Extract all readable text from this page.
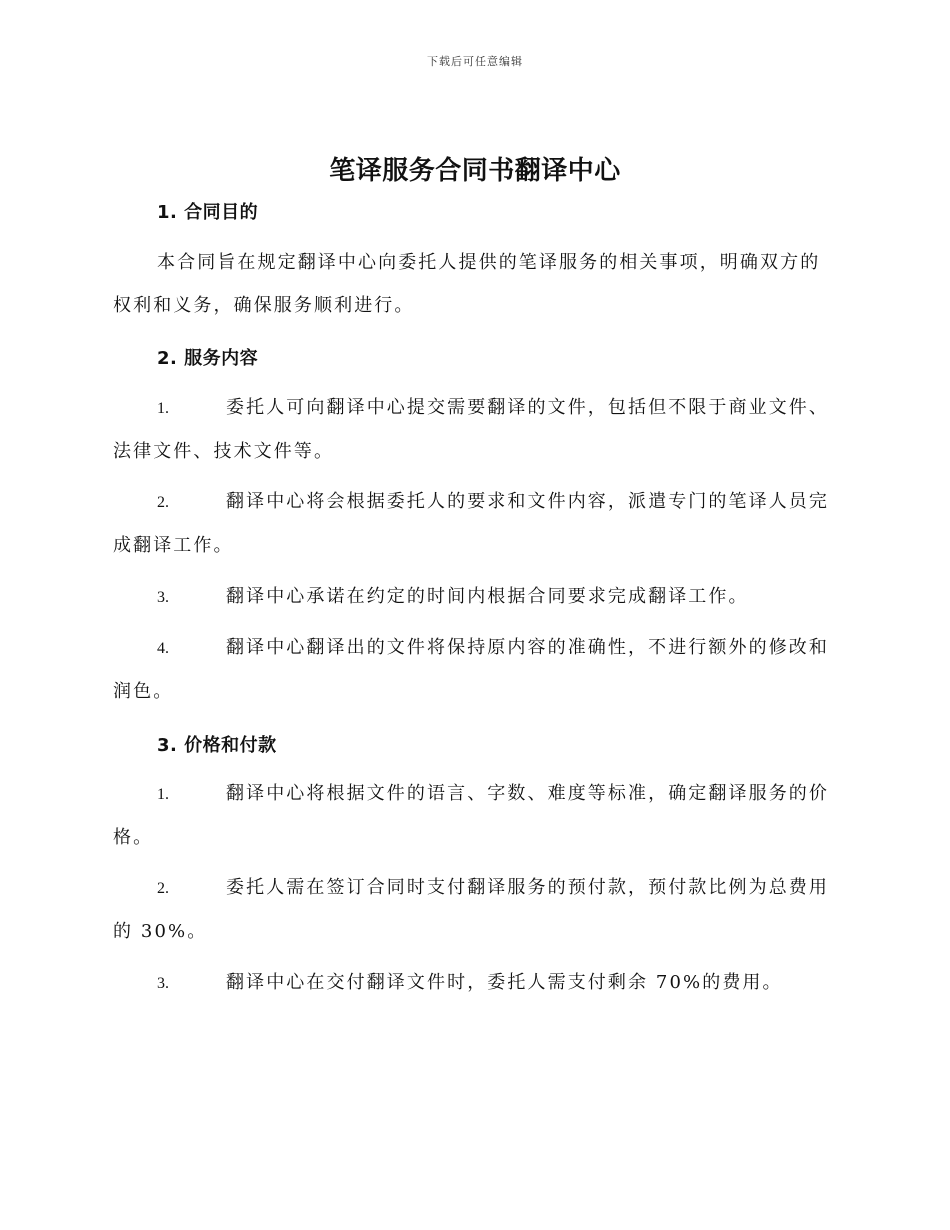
下载后可任意编辑
笔译服务合同书翻译中心
1. 合同目的
本合同旨在规定翻译中心向委托人提供的笔译服务的相关事项，明确双方的权利和义务，确保服务顺利进行。
2. 服务内容
1.	委托人可向翻译中心提交需要翻译的文件，包括但不限于商业文件、法律文件、技术文件等。
2.	翻译中心将会根据委托人的要求和文件内容，派遣专门的笔译人员完成翻译工作。
3.	翻译中心承诺在约定的时间内根据合同要求完成翻译工作。
4.	翻译中心翻译出的文件将保持原内容的准确性，不进行额外的修改和润色。
3. 价格和付款
1.	翻译中心将根据文件的语言、字数、难度等标准，确定翻译服务的价格。
2.	委托人需在签订合同时支付翻译服务的预付款，预付款比例为总费用的 30%。
3.	翻译中心在交付翻译文件时，委托人需支付剩余 70%的费用。
